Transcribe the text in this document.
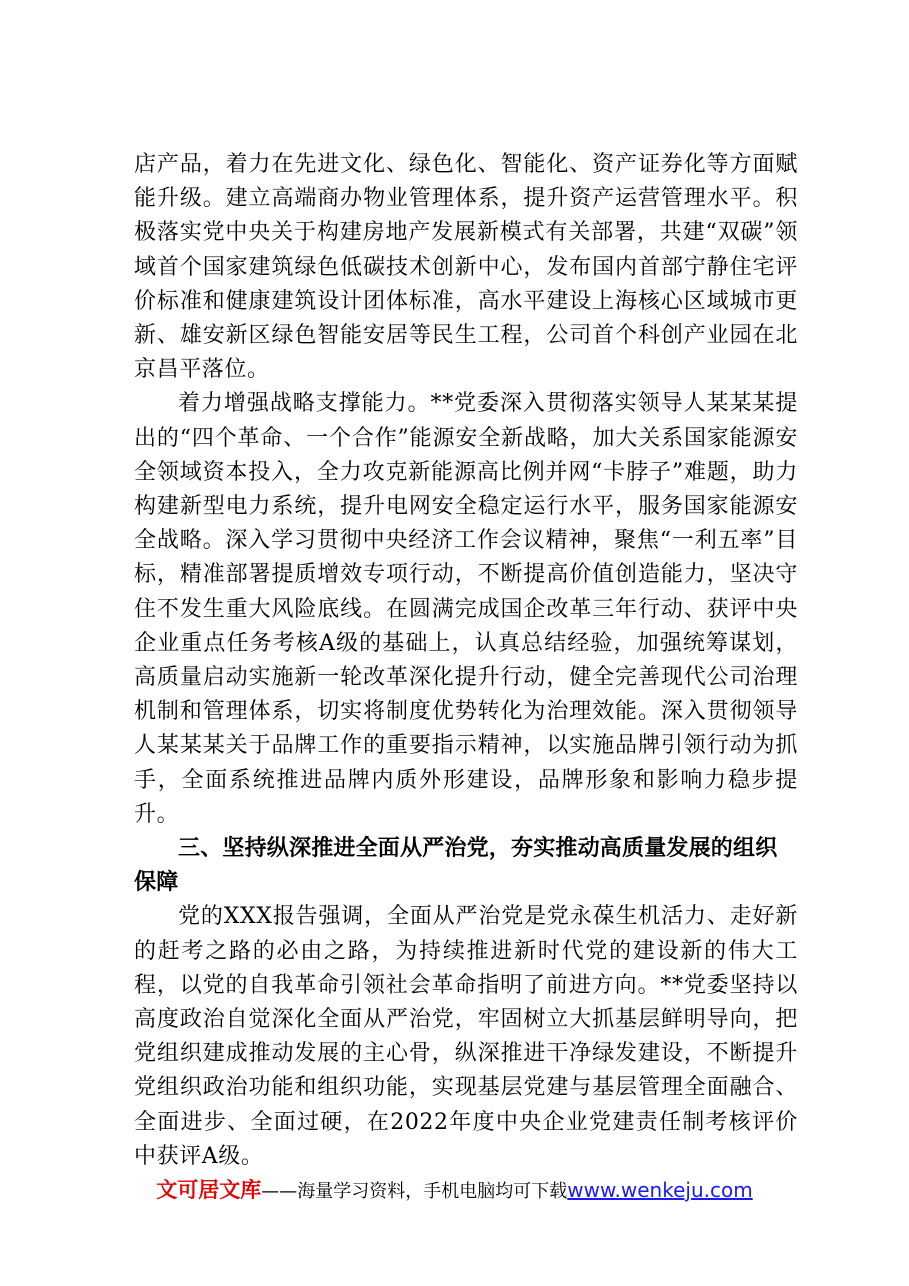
店产品，着力在先进文化、绿色化、智能化、资产证券化等方面赋能升级。建立高端商办物业管理体系，提升资产运营管理水平。积极落实党中央关于构建房地产发展新模式有关部署，共建“双碳”领域首个国家建筑绿色低碳技术创新中心，发布国内首部宁静住宅评价标准和健康建筑设计团体标准，高水平建设上海核心区域城市更新、雄安新区绿色智能安居等民生工程，公司首个科创产业园在北京昌平落位。

着力增强战略支撑能力。**党委深入贯彻落实领导人某某某提出的“四个革命、一个合作”能源安全新战略，加大关系国家能源安全领域资本投入，全力攻克新能源高比例并网“卡脖子”难题，助力构建新型电力系统，提升电网安全稳定运行水平，服务国家能源安全战略。深入学习贯彻中央经济工作会议精神，聚焦“一利五率”目标，精准部署提质增效专项行动，不断提高价值创造能力，坚决守住不发生重大风险底线。在圆满完成国企改革三年行动、获评中央企业重点任务考核A级的基础上，认真总结经验，加强统筹谋划，高质量启动实施新一轮改革深化提升行动，健全完善现代公司治理机制和管理体系，切实将制度优势转化为治理效能。深入贯彻领导人某某某关于品牌工作的重要指示精神，以实施品牌引领行动为抓手，全面系统推进品牌内质外形建设，品牌形象和影响力稳步提升。

三、坚持纵深推进全面从严治党，夯实推动高质量发展的组织保障

党的XXX报告强调，全面从严治党是党永葆生机活力、走好新的赶考之路的必由之路，为持续推进新时代党的建设新的伟大工程，以党的自我革命引领社会革命指明了前进方向。**党委坚持以高度政治自觉深化全面从严治党，牢固树立大抓基层鲜明导向，把党组织建成推动发展的主心骨，纵深推进干净绿发建设，不断提升党组织政治功能和组织功能，实现基层党建与基层管理全面融合、全面进步、全面过硬，在2022年度中央企业党建责任制考核评价中获评A级。

文可居文库——海量学习资料，手机电脑均可下载www.wenkeju.com
